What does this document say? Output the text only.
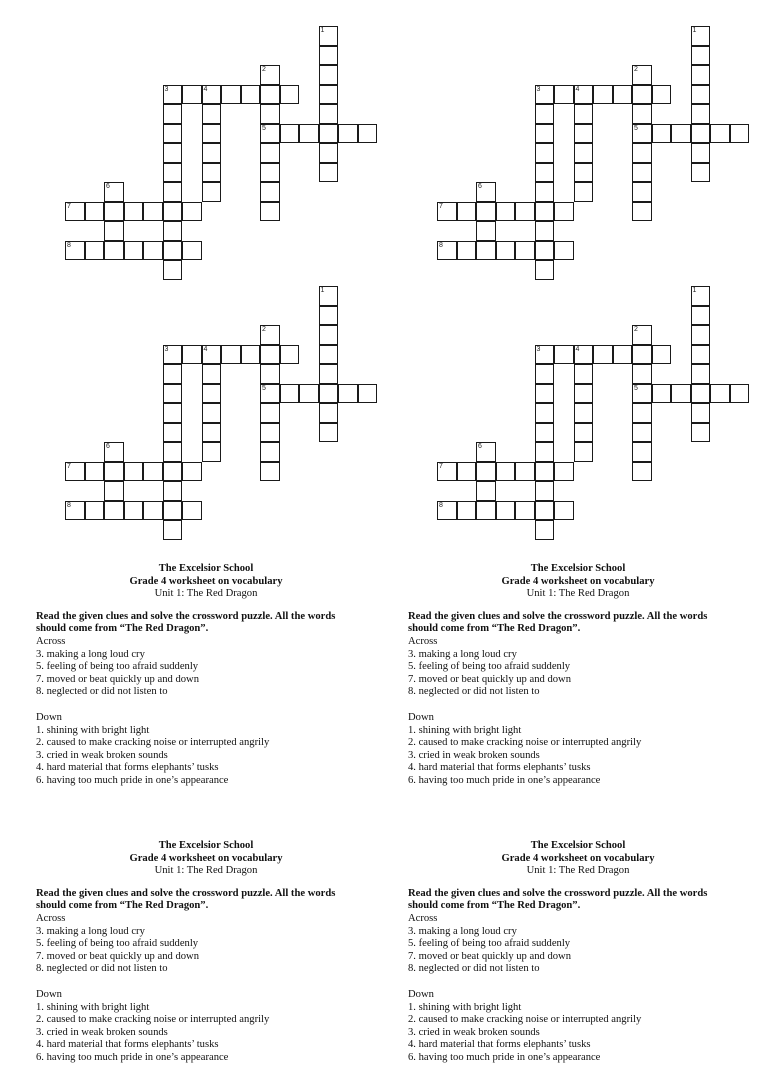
1
2
3	4
5
6
7
8
1
2
3	4
5
6
7
8
1
2
3	4
5
6
7
8
1
2
3	4
5
6
7
8
The Excelsior School
Grade 4 worksheet on vocabulary
Unit 1: The Red Dragon
Read the given clues and solve the crossword puzzle. All the words
should come from “The Red Dragon”.
Across
3. making a long loud cry
5. feeling of being too afraid suddenly
7. moved or beat quickly up and down
8. neglected or did not listen to
Down
1. shining with bright light
2. caused to make cracking noise or interrupted angrily
3. cried in weak broken sounds
4. hard material that forms elephants’ tusks
6. having too much pride in one’s appearance
The Excelsior School
Grade 4 worksheet on vocabulary
Unit 1: The Red Dragon
Read the given clues and solve the crossword puzzle. All the words
should come from “The Red Dragon”.
Across
3. making a long loud cry
5. feeling of being too afraid suddenly
7. moved or beat quickly up and down
8. neglected or did not listen to
Down
1. shining with bright light
2. caused to make cracking noise or interrupted angrily
3. cried in weak broken sounds
4. hard material that forms elephants’ tusks
6. having too much pride in one’s appearance
The Excelsior School
Grade 4 worksheet on vocabulary
Unit 1: The Red Dragon
Read the given clues and solve the crossword puzzle. All the words
should come from “The Red Dragon”.
Across
3. making a long loud cry
5. feeling of being too afraid suddenly
7. moved or beat quickly up and down
8. neglected or did not listen to
Down
1. shining with bright light
2. caused to make cracking noise or interrupted angrily
3. cried in weak broken sounds
4. hard material that forms elephants’ tusks
6. having too much pride in one’s appearance
The Excelsior School
Grade 4 worksheet on vocabulary
Unit 1: The Red Dragon
Read the given clues and solve the crossword puzzle. All the words
should come from “The Red Dragon”.
Across
3. making a long loud cry
5. feeling of being too afraid suddenly
7. moved or beat quickly up and down
8. neglected or did not listen to
Down
1. shining with bright light
2. caused to make cracking noise or interrupted angrily
3. cried in weak broken sounds
4. hard material that forms elephants’ tusks
6. having too much pride in one’s appearance
